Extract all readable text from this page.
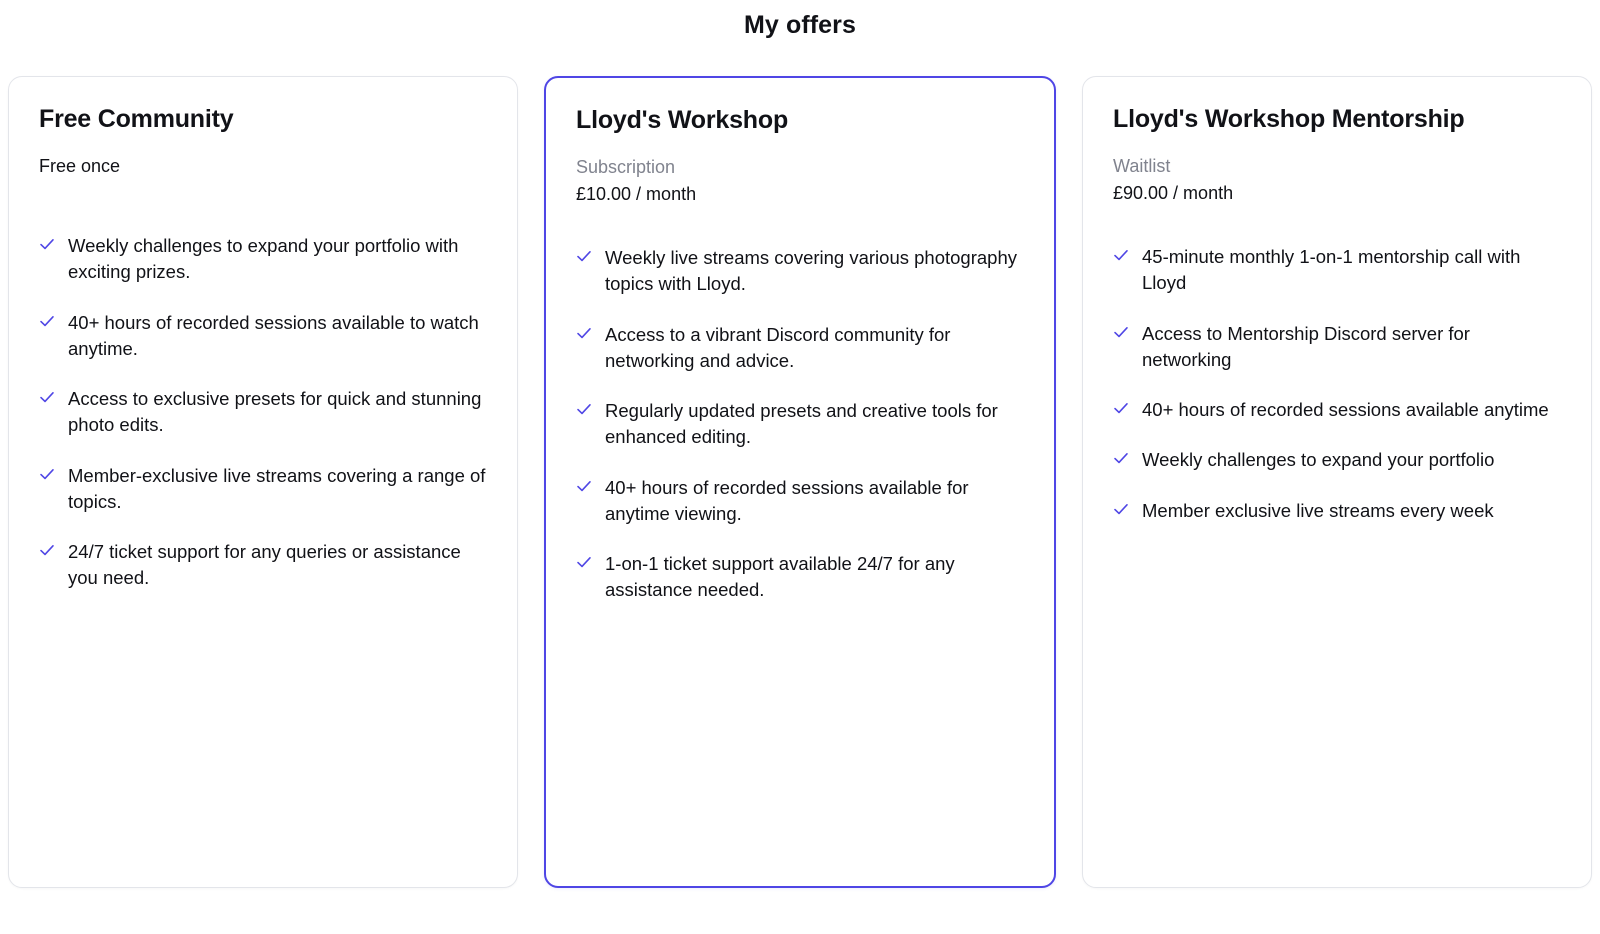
My offers
Free Community
Free once
Weekly challenges to expand your portfolio with exciting prizes.
40+ hours of recorded sessions available to watch anytime.
Access to exclusive presets for quick and stunning photo edits.
Member-exclusive live streams covering a range of topics.
24/7 ticket support for any queries or assistance you need.
Lloyd's Workshop
Subscription
£10.00 / month
Weekly live streams covering various photography topics with Lloyd.
Access to a vibrant Discord community for networking and advice.
Regularly updated presets and creative tools for enhanced editing.
40+ hours of recorded sessions available for anytime viewing.
1-on-1 ticket support available 24/7 for any assistance needed.
Lloyd's Workshop Mentorship
Waitlist
£90.00 / month
45-minute monthly 1-on-1 mentorship call with Lloyd
Access to Mentorship Discord server for networking
40+ hours of recorded sessions available anytime
Weekly challenges to expand your portfolio
Member exclusive live streams every week
